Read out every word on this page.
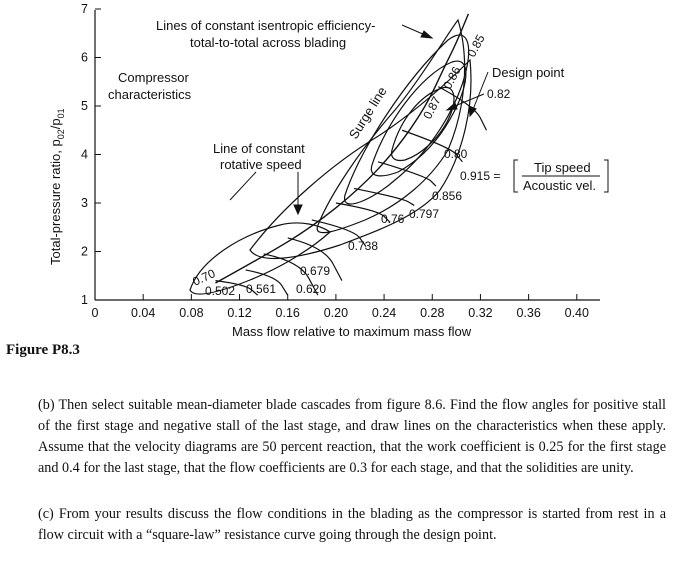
0	0.04 0.08 0.12 0.16 0.20 0.24 0.28 0.32 0.36 0.40
1
2
3
4
5
6
7
Total-pressure ratio, $p_{02}/p_{01}$
Mass flow relative to maximum mass flow
Lines of constant isentropic efficiency-
total-to-total across blading
Compressor
characteristics
Line of constant
rotative speed
Surge line
Design point
Tip speed
Acoustic vel.
0.85
0.86
0.87
0.82
0.80
0.70
0.915 =
0.856
0.797
0.76
0.738
0.679
0.620
0.561
0.502
Figure P8.3

(b) Then select suitable mean-diameter blade cascades from figure 8.6. Find the flow angles for positive stall of the first stage and negative stall of the last stage, and draw lines on the characteristics when these apply. Assume that the velocity diagrams are 50 percent reaction, that the work coefficient is 0.25 for the first stage and 0.4 for the last stage, that the flow coefficients are 0.3 for each stage, and that the solidities are unity.

(c) From your results discuss the flow conditions in the blading as the compressor is started from rest in a flow circuit with a “square-law” resistance curve going through the design point.
